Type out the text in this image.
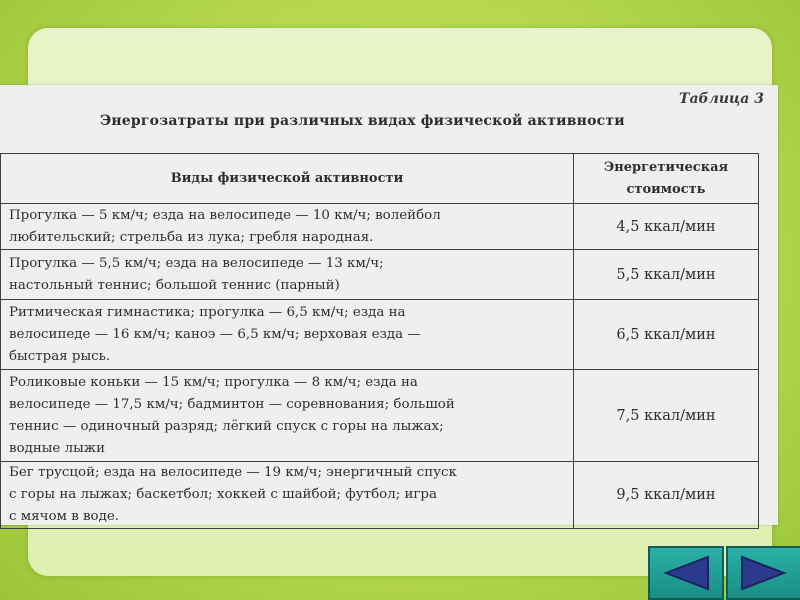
Таблица 3
Энергозатраты при различных видах физической активности
Виды физической активности	Энергетическая
стоимость
Прогулка — 5 км/ч; езда на велосипеде — 10 км/ч; волейбол
любительский; стрельба из лука; гребля народная.	4,5 ккал/мин
Прогулка — 5,5 км/ч; езда на велосипеде — 13 км/ч;
настольный теннис; большой теннис (парный)	5,5 ккал/мин
Ритмическая гимнастика; прогулка — 6,5 км/ч; езда на
велосипеде — 16 км/ч; каноэ — 6,5 км/ч; верховая езда —
быстрая рысь.	6,5 ккал/мин
Роликовые коньки — 15 км/ч; прогулка — 8 км/ч; езда на
велосипеде — 17,5 км/ч; бадминтон — соревнования; большой
теннис — одиночный разряд; лёгкий спуск с горы на лыжах;
водные лыжи	7,5 ккал/мин
Бег трусцой; езда на велосипеде — 19 км/ч; энергичный спуск
с горы на лыжах; баскетбол; хоккей с шайбой; футбол; игра
с мячом в воде.	9,5 ккал/мин
